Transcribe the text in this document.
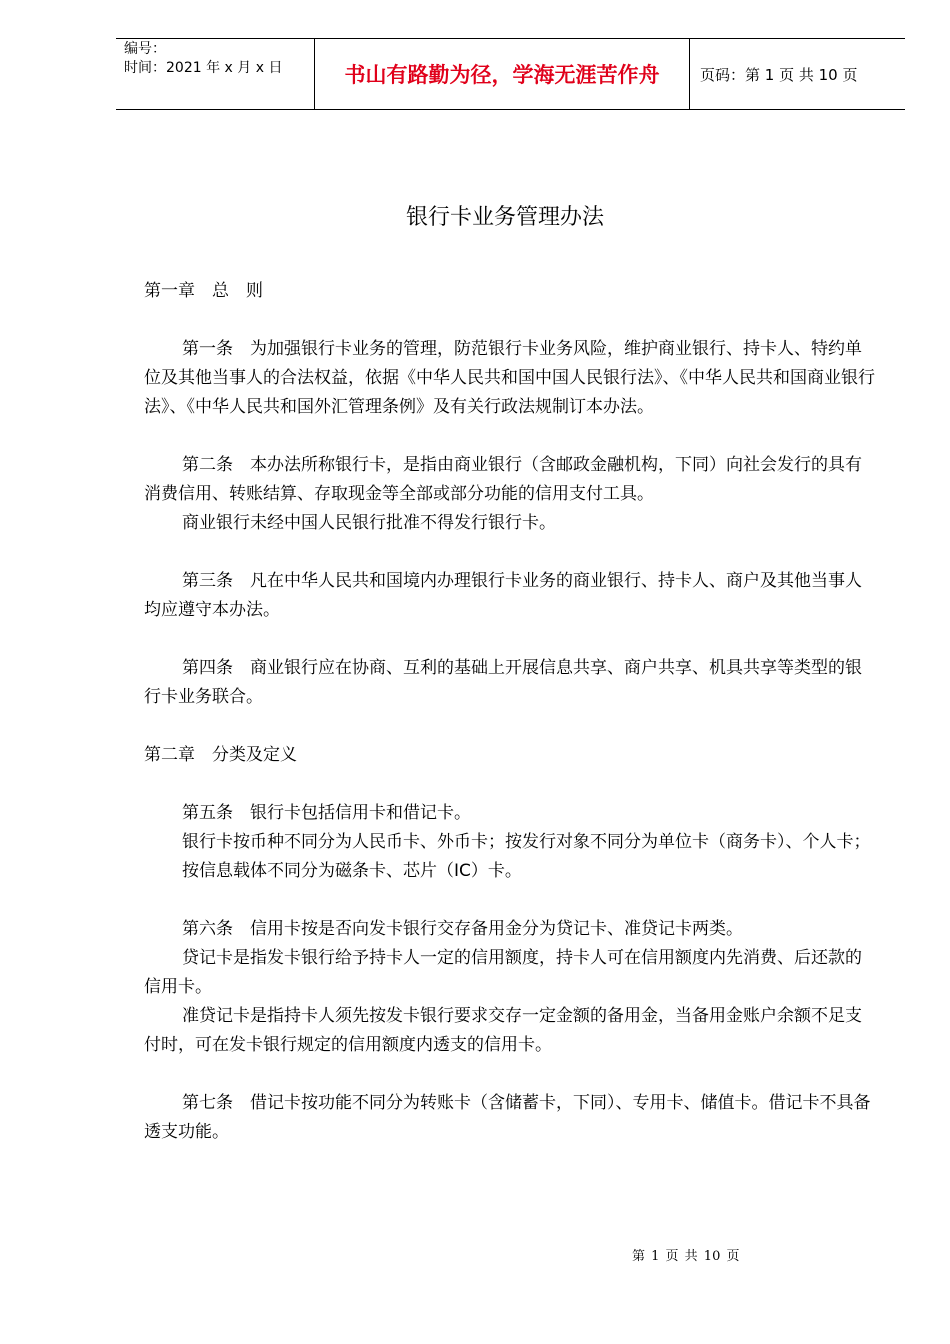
编号：
时间：2021 年 x 月 x 日	书山有路勤为径，学海无涯苦作舟	页码：第 1 页 共 10 页
银行卡业务管理办法

第一章　总　则

第一条　为加强银行卡业务的管理，防范银行卡业务风险，维护商业银行、持卡人、特约单位及其他当事人的合法权益，依据《中华人民共和国中国人民银行法》、《中华人民共和国商业银行法》、《中华人民共和国外汇管理条例》及有关行政法规制订本办法。

第二条　本办法所称银行卡，是指由商业银行（含邮政金融机构，下同）向社会发行的具有消费信用、转账结算、存取现金等全部或部分功能的信用支付工具。

商业银行未经中国人民银行批准不得发行银行卡。

第三条　凡在中华人民共和国境内办理银行卡业务的商业银行、持卡人、商户及其他当事人均应遵守本办法。

第四条　商业银行应在协商、互利的基础上开展信息共享、商户共享、机具共享等类型的银行卡业务联合。

第二章　分类及定义

第五条　银行卡包括信用卡和借记卡。

银行卡按币种不同分为人民币卡、外币卡；按发行对象不同分为单位卡（商务卡）、个人卡；

按信息载体不同分为磁条卡、芯片（IC）卡。

第六条　信用卡按是否向发卡银行交存备用金分为贷记卡、准贷记卡两类。

贷记卡是指发卡银行给予持卡人一定的信用额度，持卡人可在信用额度内先消费、后还款的信用卡。

准贷记卡是指持卡人须先按发卡银行要求交存一定金额的备用金，当备用金账户余额不足支付时，可在发卡银行规定的信用额度内透支的信用卡。

第七条　借记卡按功能不同分为转账卡（含储蓄卡，下同）、专用卡、储值卡。借记卡不具备透支功能。

第 1 页 共 10 页
